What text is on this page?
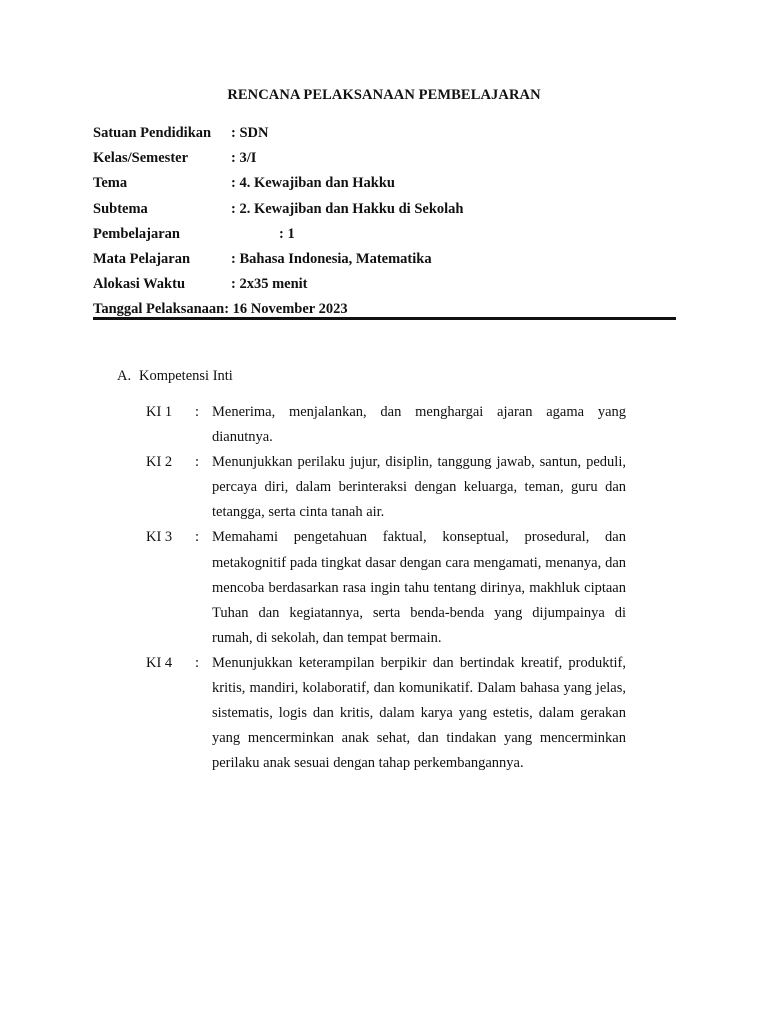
RENCANA PELAKSANAAN PEMBELAJARAN
Satuan Pendidikan : SDN
Kelas/Semester	: 3/I
Tema	: 4. Kewajiban dan Hakku
Subtema	: 2. Kewajiban dan Hakku di Sekolah
Pembelajaran	: 1
Mata Pelajaran	: Bahasa Indonesia, Matematika
Alokasi Waktu	: 2x35 menit
Tanggal Pelaksanaan: 16 November 2023
A. Kompetensi Inti
KI 1 : Menerima, menjalankan, dan menghargai ajaran agama yang dianutnya.
KI 2 : Menunjukkan perilaku jujur, disiplin, tanggung jawab, santun, peduli, percaya diri, dalam berinteraksi dengan keluarga, teman, guru dan tetangga, serta cinta tanah air.
KI 3 : Memahami pengetahuan faktual, konseptual, prosedural, dan metakognitif pada tingkat dasar dengan cara mengamati, menanya, dan mencoba berdasarkan rasa ingin tahu tentang dirinya, makhluk ciptaan Tuhan dan kegiatannya, serta benda-benda yang dijumpainya di rumah, di sekolah, dan tempat bermain.
KI 4 : Menunjukkan keterampilan berpikir dan bertindak kreatif, produktif, kritis, mandiri, kolaboratif, dan komunikatif. Dalam bahasa yang jelas, sistematis, logis dan kritis, dalam karya yang estetis, dalam gerakan yang mencerminkan anak sehat, dan tindakan yang mencerminkan perilaku anak sesuai dengan tahap perkembangannya.
